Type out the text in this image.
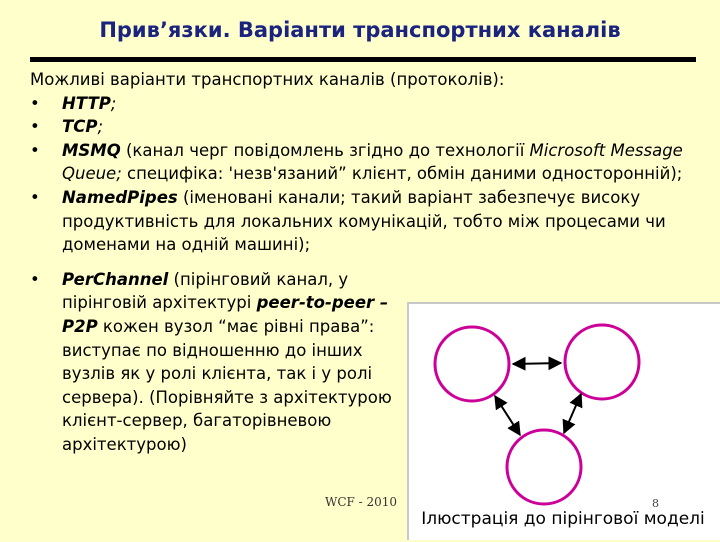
Прив’язки. Варіанти транспортних каналів

Можливі варіанти транспортних каналів (протоколів):

•	HTTP;
•	TCP;
•	MSMQ (канал черг повідомлень згідно до технології Microsoft Message Queue; специфіка: 'незв'язаний” клієнт, обмін даними односторонній);
•	NamedPipes (іменовані канали; такий варіант забезпечує високу продуктивність для локальних комунікацій, тобто між процесами чи доменами на одній машині);
•	PerChannel (пірінговий канал, у пірінговій архітектурі peer-to-peer – P2P кожен вузол “має рівні права”: виступає по відношенню до інших вузлів як у ролі клієнта, так і у ролі сервера). (Порівняйте з архітектурою клієнт-сервер, багаторівневою архітектурою)
Ілюстрація до пірінгової моделі
WCF - 2010	8
